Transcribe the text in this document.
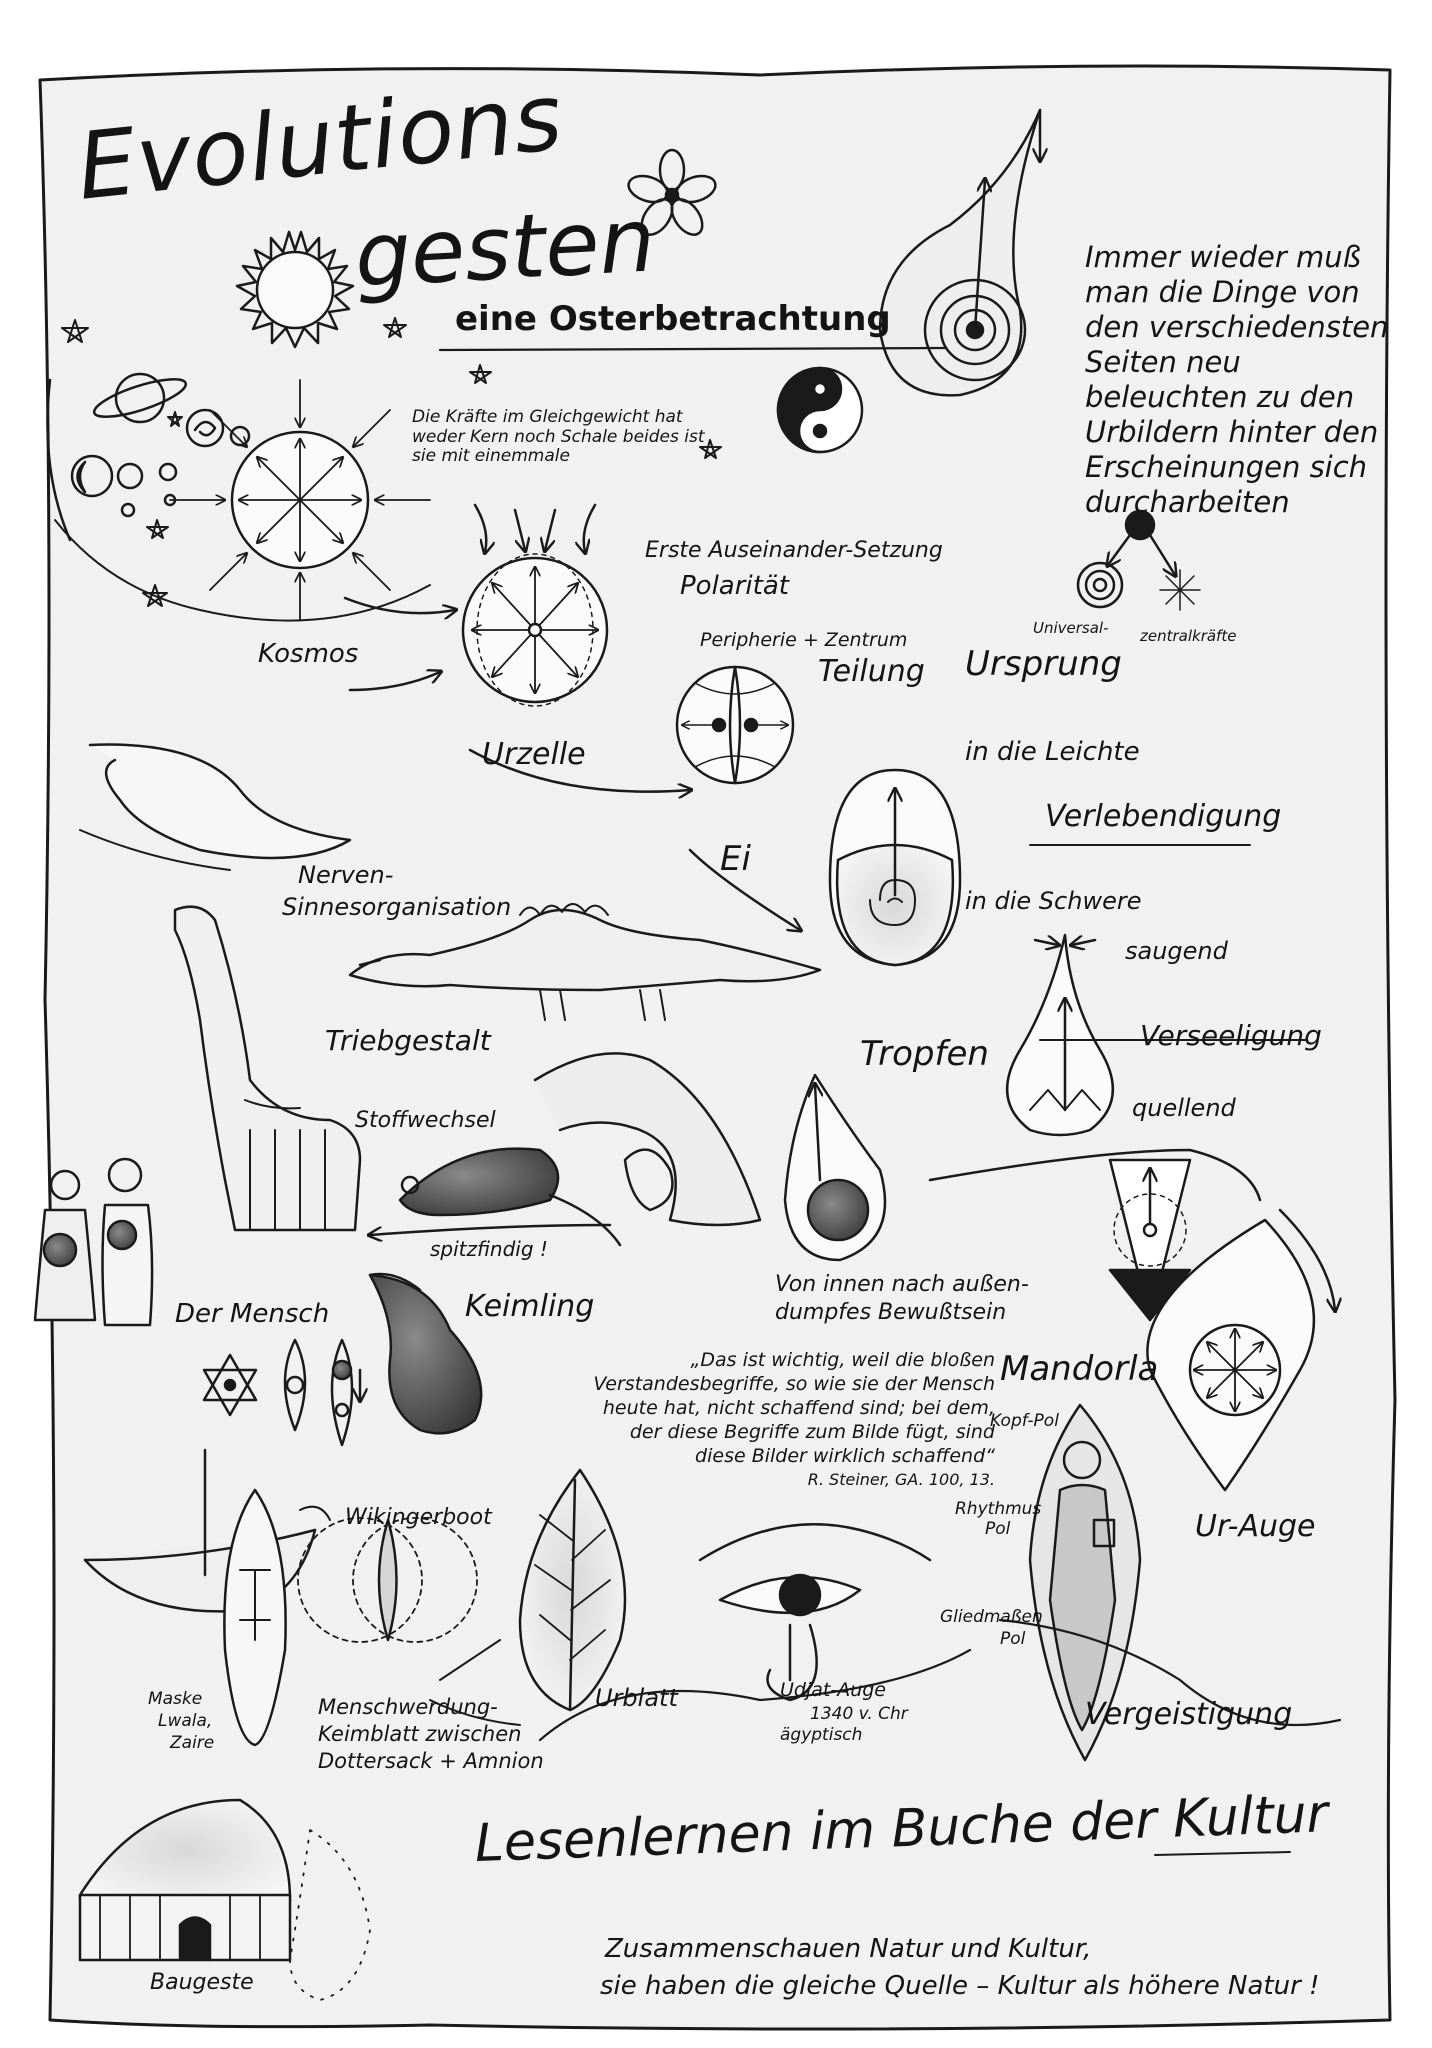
Evolutions
gesten
eine Osterbetrachtung
Immer wieder muß man die Dinge von den verschiedensten Seiten neu beleuchten zu den Urbildern hinter den Erscheinungen sich durcharbeiten
Die Kräfte im Gleichgewicht hat weder Kern noch Schale beides ist sie mit einemmale
Kosmos
Erste Auseinander-Setzung
Polarität
Peripherie + Zentrum
Teilung Ursprung
Universal- zentralkräfte
Urzelle	in die Leichte
Verlebendigung
Ei
in die Schwere
Nerven-
Sinnesorganisation
saugend
Triebgestalt	Tropfen	Verseeligung
quellend
Stoffwechsel
spitzfindig !
Von innen nach außen-
dumpfes Bewußtsein
Der Mensch	Keimling
Mandorla
Kopf-Pol
Rhythmus
Pol
Gliedmaßen
Pol
Ur-Auge
Wikingerboot
Urblatt	Udjat-Auge
1340 v. Chr
ägyptisch
Vergeistigung
Maske
Lwala,
Zaire
Menschwerdung-
Keimblatt zwischen
Dottersack + Amnion
Baugeste
„Das ist wichtig, weil die bloßen
Verstandesbegriffe, so wie sie der Mensch
heute hat, nicht schaffend sind; bei dem,
der diese Begriffe zum Bilde fügt, sind
diese Bilder wirklich schaffend“
R. Steiner, GA. 100, 13.
Lesenlernen im Buche der Kultur
Zusammenschauen Natur und Kultur,
sie haben die gleiche Quelle – Kultur als höhere Natur !
